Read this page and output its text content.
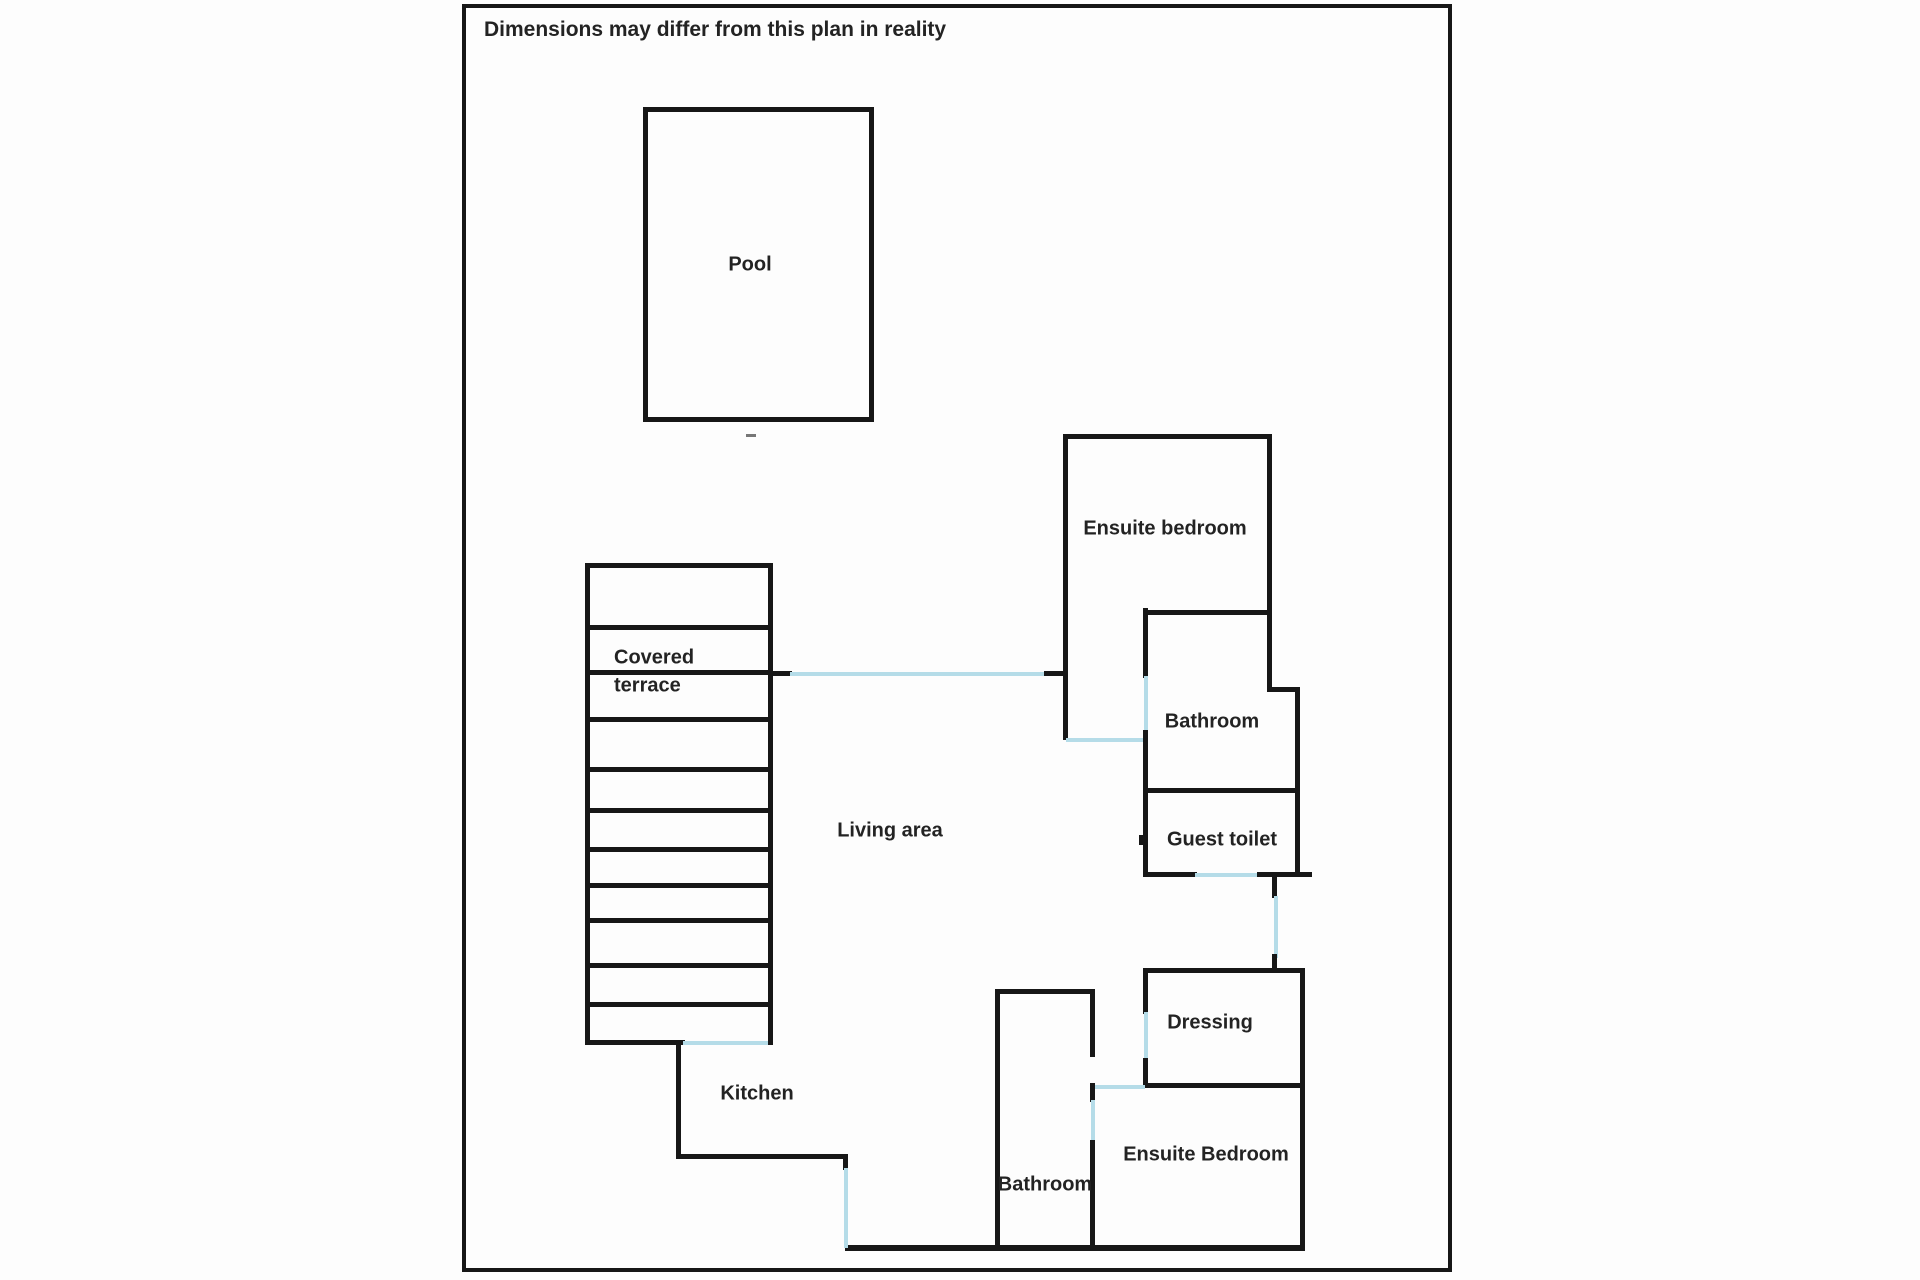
Dimensions may differ from this plan in reality
Pool
Covered
terrace
Living area
Ensuite bedroom
Bathroom
Guest toilet
Dressing
Ensuite Bedroom
Bathroom
Kitchen
